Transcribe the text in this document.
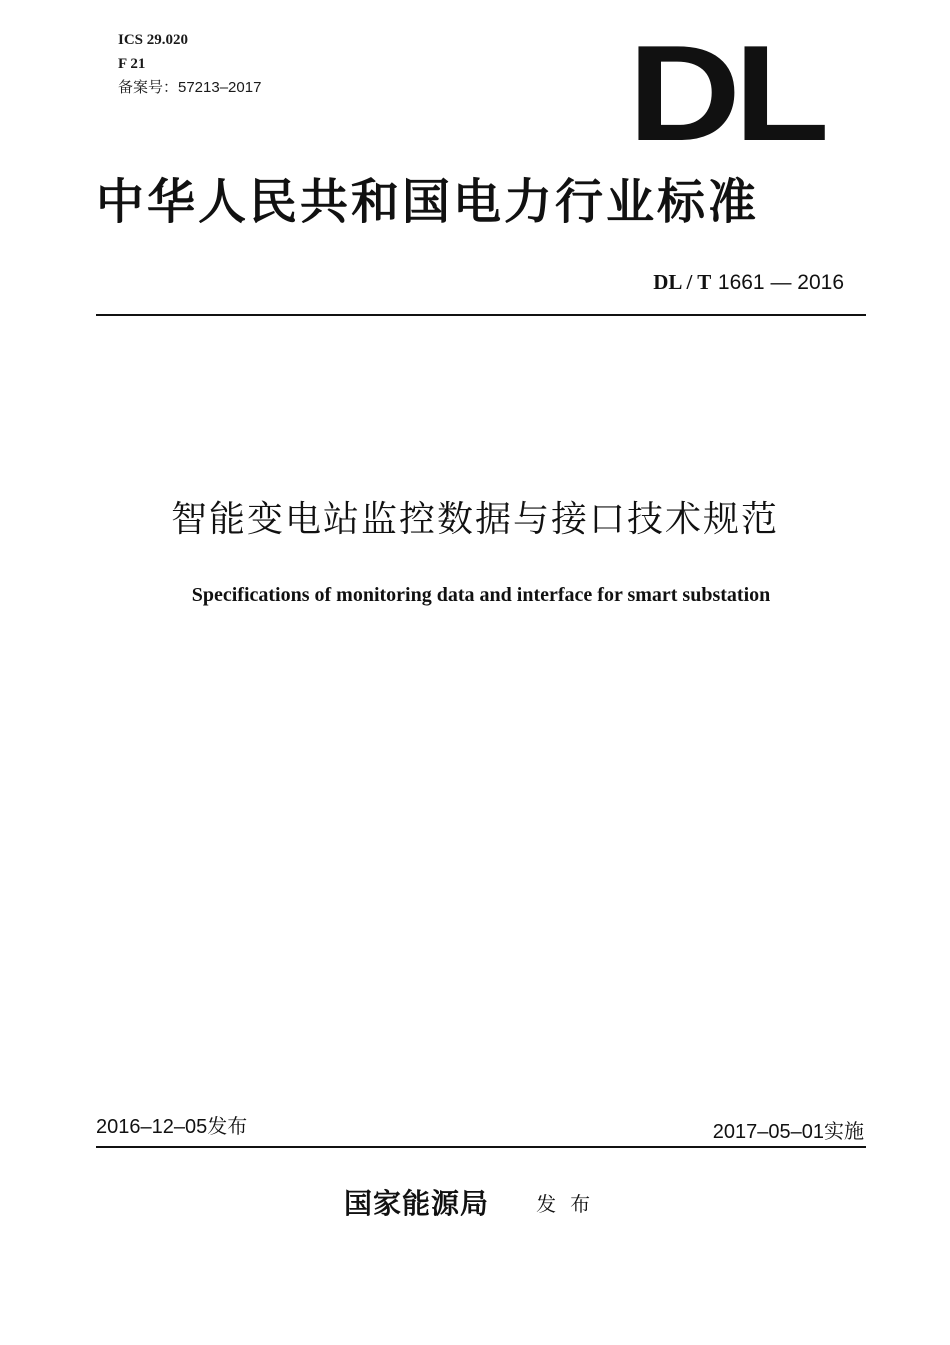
ICS 29.020
F 21
备案号：57213–2017	DL
中华人民共和国电力行业标准
DL / T 1661 — 2016
智能变电站监控数据与接口技术规范
Specifications of monitoring data and interface for smart substation
2016–12–05发布	2017–05–01实施
国家能源局 发布
